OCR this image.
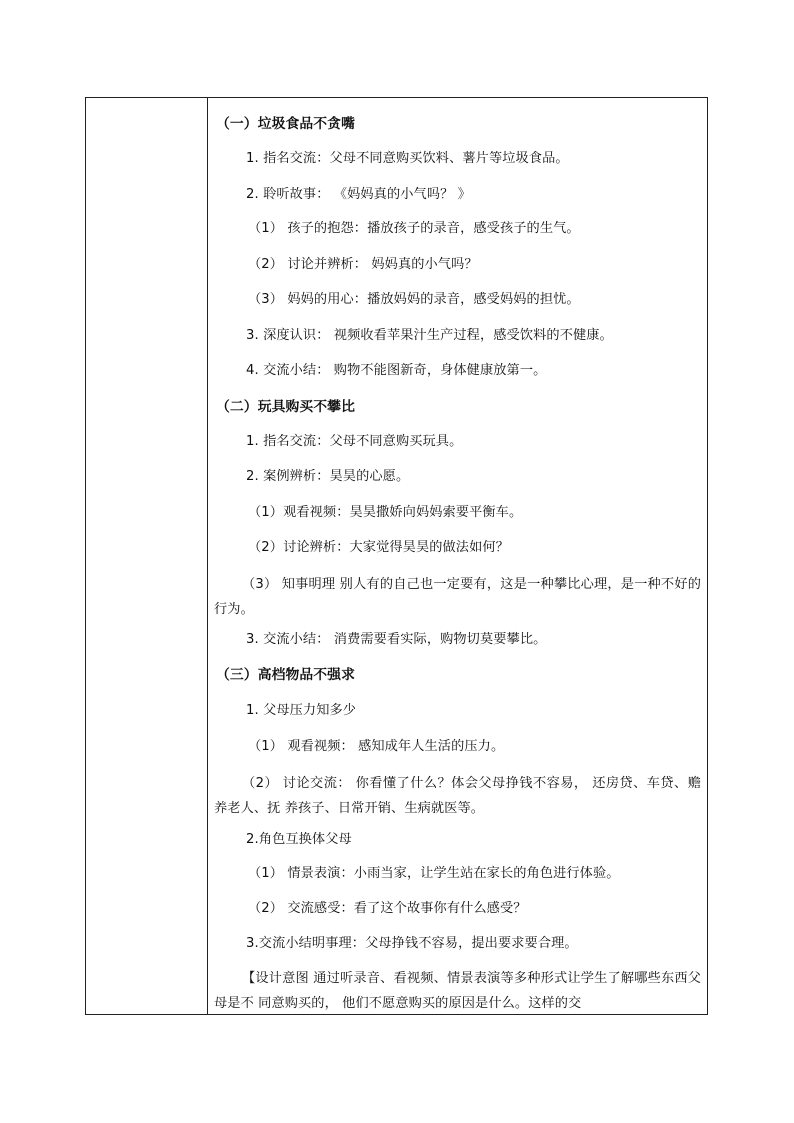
（一）垃圾食品不贪嘴
1. 指名交流：父母不同意购买饮料、薯片等垃圾食品。
2. 聆听故事： 《妈妈真的小气吗？ 》
（1） 孩子的抱怨：播放孩子的录音，感受孩子的生气。
（2） 讨论并辨析： 妈妈真的小气吗？
（3） 妈妈的用心：播放妈妈的录音，感受妈妈的担忧。
3. 深度认识： 视频收看苹果汁生产过程，感受饮料的不健康。
4. 交流小结： 购物不能图新奇，身体健康放第一。
（二）玩具购买不攀比
1. 指名交流：父母不同意购买玩具。
2. 案例辨析：昊昊的心愿。
（1）观看视频：昊昊撒娇向妈妈索要平衡车。
（2）讨论辨析：大家觉得昊昊的做法如何？
（3） 知事明理 别人有的自己也一定要有，这是一种攀比心理，是一种不好的行为。
3. 交流小结： 消费需要看实际，购物切莫要攀比。
（三）高档物品不强求
1. 父母压力知多少
（1） 观看视频： 感知成年人生活的压力。
（2） 讨论交流： 你看懂了什么？体会父母挣钱不容易， 还房贷、车贷、赡养老人、抚 养孩子、日常开销、生病就医等。
2.角色互换体父母
（1） 情景表演：小雨当家，让学生站在家长的角色进行体验。
（2） 交流感受：看了这个故事你有什么感受？
3.交流小结明事理：父母挣钱不容易，提出要求要合理。
【设计意图 通过听录音、看视频、情景表演等多种形式让学生了解哪些东西父母是不 同意购买的， 他们不愿意购买的原因是什么。这样的交
